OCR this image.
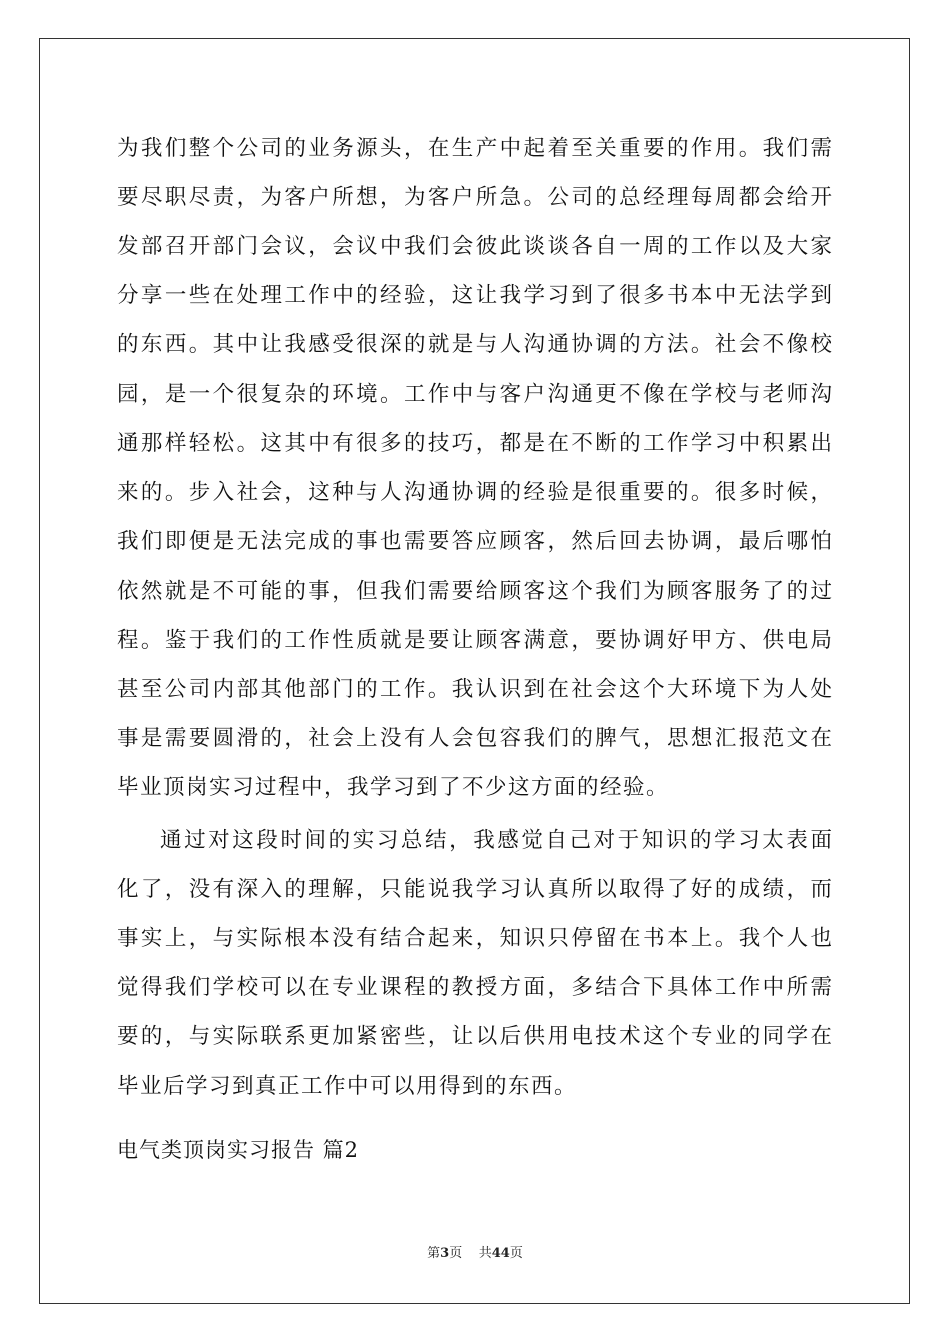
为我们整个公司的业务源头，在生产中起着至关重要的作用。我们需
要尽职尽责，为客户所想，为客户所急。公司的总经理每周都会给开
发部召开部门会议，会议中我们会彼此谈谈各自一周的工作以及大家
分享一些在处理工作中的经验，这让我学习到了很多书本中无法学到
的东西。其中让我感受很深的就是与人沟通协调的方法。社会不像校
园，是一个很复杂的环境。工作中与客户沟通更不像在学校与老师沟
通那样轻松。这其中有很多的技巧，都是在不断的工作学习中积累出
来的。步入社会，这种与人沟通协调的经验是很重要的。很多时候，
我们即便是无法完成的事也需要答应顾客，然后回去协调，最后哪怕
依然就是不可能的事，但我们需要给顾客这个我们为顾客服务了的过
程。鉴于我们的工作性质就是要让顾客满意，要协调好甲方、供电局
甚至公司内部其他部门的工作。我认识到在社会这个大环境下为人处
事是需要圆滑的，社会上没有人会包容我们的脾气，思想汇报范文在
毕业顶岗实习过程中，我学习到了不少这方面的经验。
通过对这段时间的实习总结，我感觉自己对于知识的学习太表面
化了，没有深入的理解，只能说我学习认真所以取得了好的成绩，而
事实上，与实际根本没有结合起来，知识只停留在书本上。我个人也
觉得我们学校可以在专业课程的教授方面，多结合下具体工作中所需
要的，与实际联系更加紧密些，让以后供用电技术这个专业的同学在
毕业后学习到真正工作中可以用得到的东西。
电气类顶岗实习报告 篇2
第3页 共44页
